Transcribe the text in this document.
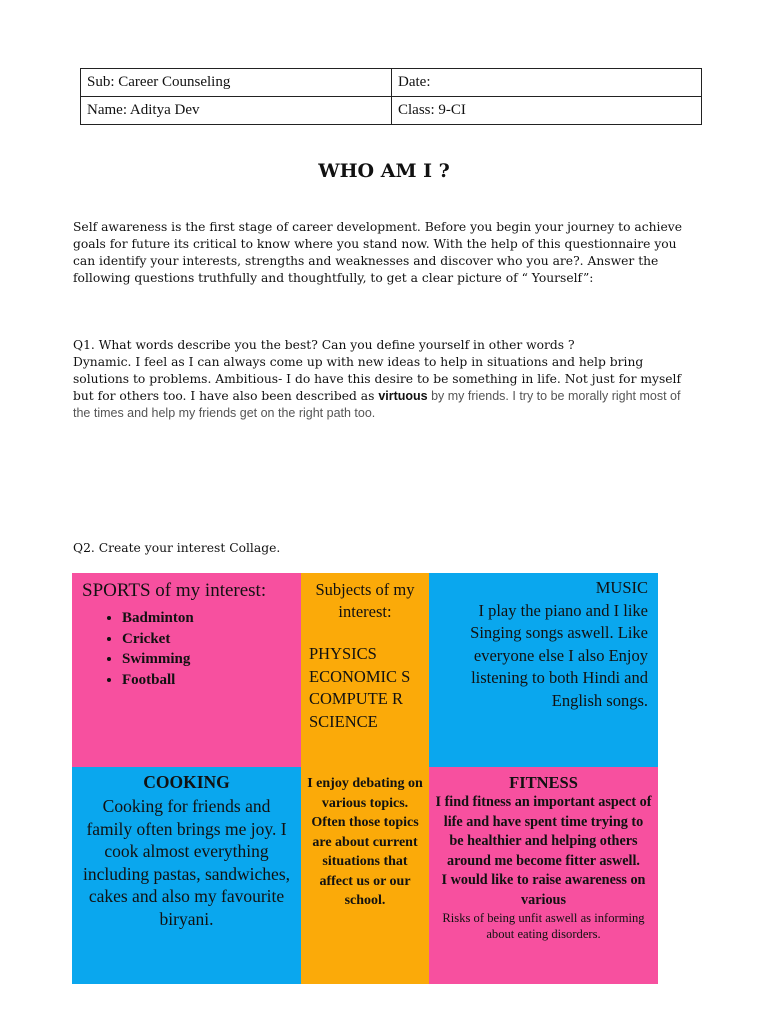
Sub: Career Counseling	Date:
Name: Aditya Dev	Class: 9-CI
WHO AM I ?

Self awareness is the first stage of career development. Before you begin your journey to achieve goals for future its critical to know where you stand now. With the help of this questionnaire you can identify your interests, strengths and weaknesses and discover who you are?. Answer the following questions truthfully and thoughtfully, to get a clear picture of “ Yourself”:

Q1. What words describe you the best? Can you define yourself in other words ?
Dynamic. I feel as I can always come up with new ideas to help in situations and help bring solutions to problems. Ambitious- I do have this desire to be something in life. Not just for myself but for others too. I have also been described as virtuous by my friends. I try to be morally right most of the times and help my friends get on the right path too.

Q2. Create your interest Collage.

SPORTS of my interest:
• Badminton
• Cricket
• Swimming
• Football
Subjects of my interest:
PHYSICS
ECONOMIC S
COMPUTE R SCIENCE
MUSIC
I play the piano and I like Singing songs aswell. Like everyone else I also Enjoy listening to both Hindi and English songs.
COOKING
Cooking for friends and family often brings me joy. I cook almost everything including pastas, sandwiches, cakes and also my favourite biryani.
I enjoy debating on various topics. Often those topics are about current situations that affect us or our school.
FITNESS
I find fitness an important aspect of life and have spent time trying to be healthier and helping others around me become fitter aswell.
I would like to raise awareness on various
Risks of being unfit aswell as informing about eating disorders.
